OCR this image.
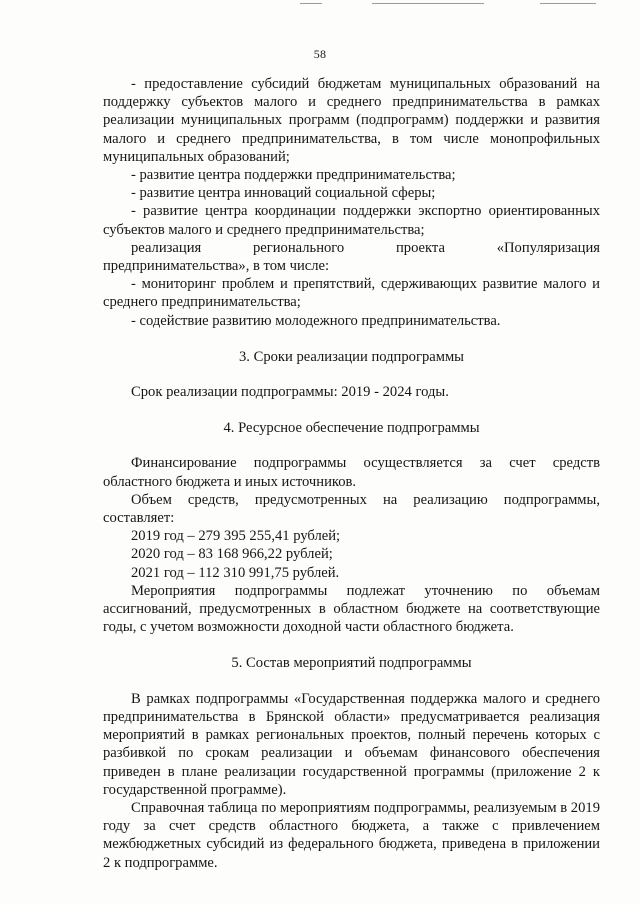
58

- предоставление субсидий бюджетам муниципальных образований на поддержку субъектов малого и среднего предпринимательства в рамках реализации муниципальных программ (подпрограмм) поддержки и развития малого и среднего предпринимательства, в том числе монопрофильных муниципальных образований;

- развитие центра поддержки предпринимательства;

- развитие центра инноваций социальной сферы;

- развитие центра координации поддержки экспортно ориентированных субъектов малого и среднего предпринимательства;

реализация регионального проекта «Популяризация предпринимательства», в том числе:

- мониторинг проблем и препятствий, сдерживающих развитие малого и среднего предпринимательства;

- содействие развитию молодежного предпринимательства.

3. Сроки реализации подпрограммы

Срок реализации подпрограммы: 2019 - 2024 годы.

4. Ресурсное обеспечение подпрограммы

Финансирование подпрограммы осуществляется за счет средств областного бюджета и иных источников.

Объем средств, предусмотренных на реализацию подпрограммы, составляет:

2019 год – 279 395 255,41 рублей;

2020 год – 83 168 966,22 рублей;

2021 год – 112 310 991,75 рублей.

Мероприятия подпрограммы подлежат уточнению по объемам ассигнований, предусмотренных в областном бюджете на соответствующие годы, с учетом возможности доходной части областного бюджета.

5. Состав мероприятий подпрограммы

В рамках подпрограммы «Государственная поддержка малого и среднего предпринимательства в Брянской области» предусматривается реализация мероприятий в рамках региональных проектов, полный перечень которых с разбивкой по срокам реализации и объемам финансового обеспечения приведен в плане реализации государственной программы (приложение 2 к государственной программе).

Справочная таблица по мероприятиям подпрограммы, реализуемым в 2019 году за счет средств областного бюджета, а также с привлечением межбюджетных субсидий из федерального бюджета, приведена в приложении 2 к подпрограмме.
